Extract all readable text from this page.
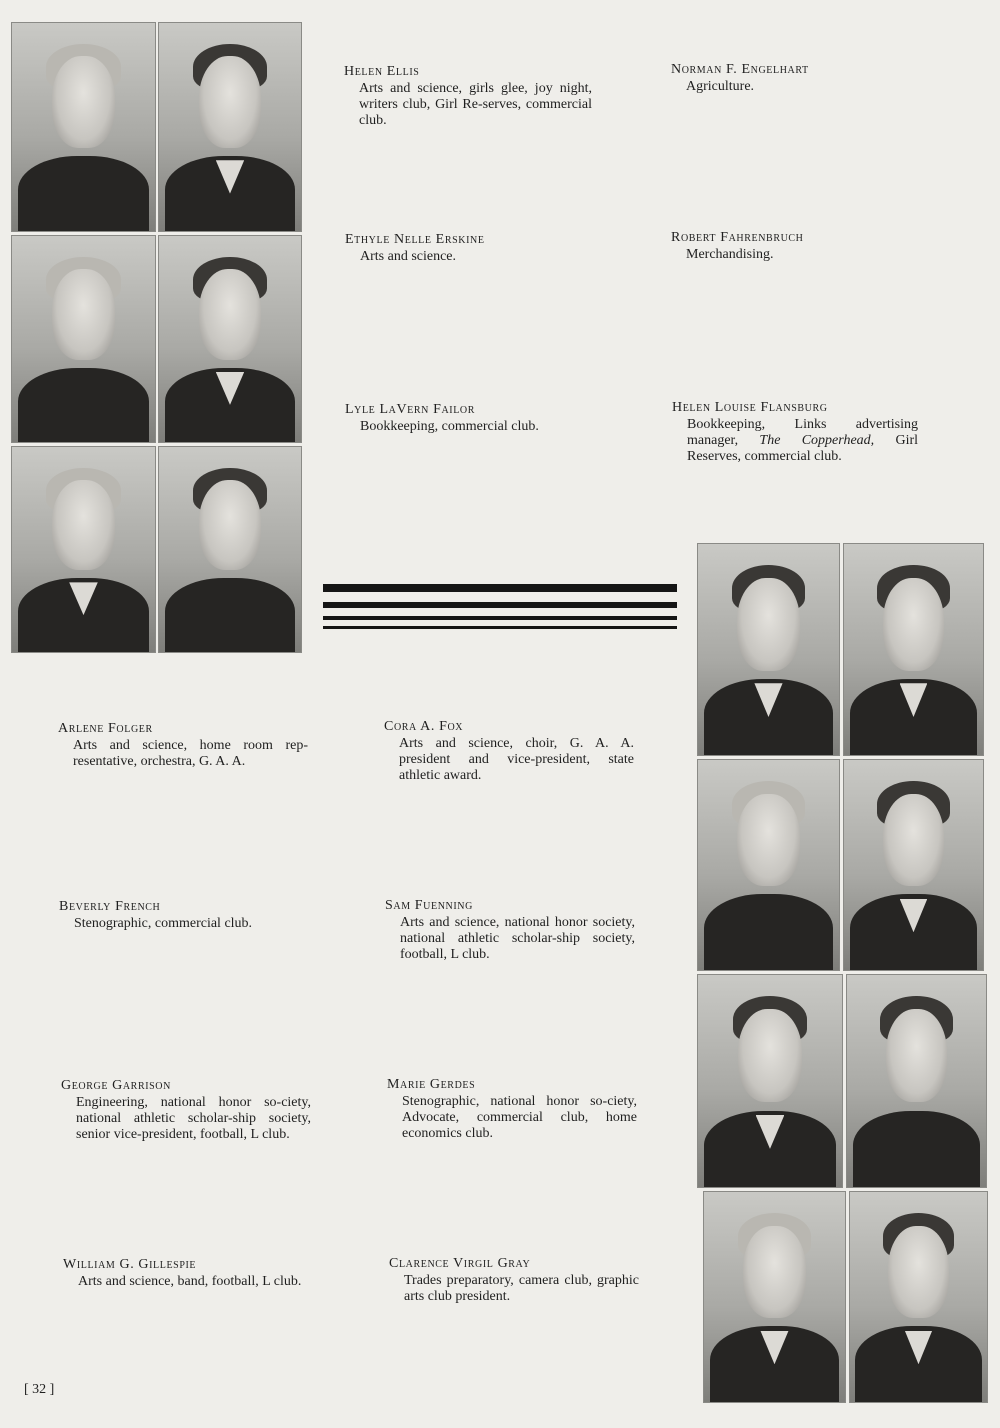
Helen Ellis
Arts and science, girls glee, joy night, writers club, Girl Re-serves, commercial club.
Norman F. Engelhart
Agriculture.
Ethyle Nelle Erskine
Arts and science.
Robert Fahrenbruch
Merchandising.
Lyle LaVern Failor
Bookkeeping, commercial club.
Helen Louise Flansburg
Bookkeeping, Links advertising manager, The Copperhead, Girl Reserves, commercial club.
Arlene Folger
Arts and science, home room rep-resentative, orchestra, G. A. A.
Cora A. Fox
Arts and science, choir, G. A. A. president and vice-president, state athletic award.
Beverly French
Stenographic, commercial club.
Sam Fuenning
Arts and science, national honor society, national athletic scholar-ship society, football, L club.
George Garrison
Engineering, national honor so-ciety, national athletic scholar-ship society, senior vice-president, football, L club.
Marie Gerdes
Stenographic, national honor so-ciety, Advocate, commercial club, home economics club.
William G. Gillespie
Arts and science, band, football, L club.
Clarence Virgil Gray
Trades preparatory, camera club, graphic arts club president.
[ 32 ]
